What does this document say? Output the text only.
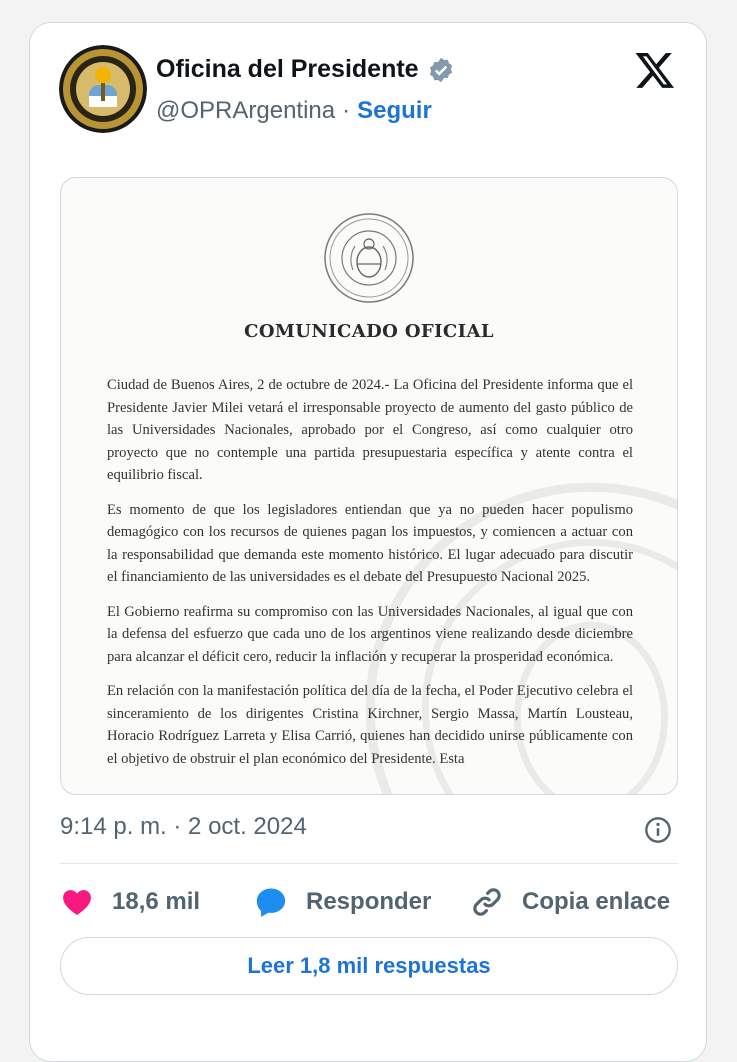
Oficina del Presidente
@OPRArgentina · Seguir
COMUNICADO OFICIAL

Ciudad de Buenos Aires, 2 de octubre de 2024.- La Oficina del Presidente informa que el Presidente Javier Milei vetará el irresponsable proyecto de aumento del gasto público de las Universidades Nacionales, aprobado por el Congreso, así como cualquier otro proyecto que no contemple una partida presupuestaria específica y atente contra el equilibrio fiscal.

Es momento de que los legisladores entiendan que ya no pueden hacer populismo demagógico con los recursos de quienes pagan los impuestos, y comiencen a actuar con la responsabilidad que demanda este momento histórico. El lugar adecuado para discutir el financiamiento de las universidades es el debate del Presupuesto Nacional 2025.

El Gobierno reafirma su compromiso con las Universidades Nacionales, al igual que con la defensa del esfuerzo que cada uno de los argentinos viene realizando desde diciembre para alcanzar el déficit cero, reducir la inflación y recuperar la prosperidad económica.

En relación con la manifestación política del día de la fecha, el Poder Ejecutivo celebra el sinceramiento de los dirigentes Cristina Kirchner, Sergio Massa, Martín Lousteau, Horacio Rodríguez Larreta y Elisa Carrió, quienes han decidido unirse públicamente con el objetivo de obstruir el plan económico del Presidente. Esta

9:14 p. m. · 2 oct. 2024
18,6 mil	Responder	Copia enlace
Leer 1,8 mil respuestas
